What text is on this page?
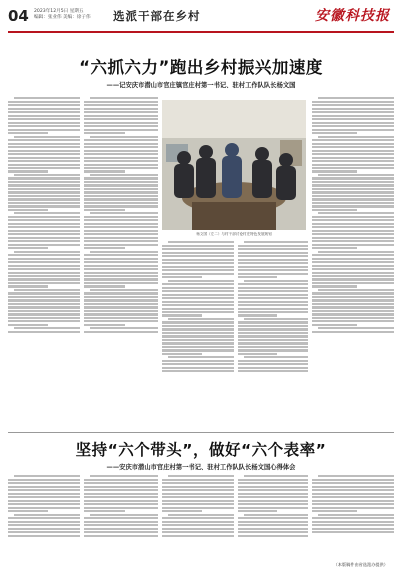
04 2023年12月5日 星期五
编辑：张业伟 美编：徐子伟 选派干部在乡村	安徽科技报
“六抓六力”跑出乡村振兴加速度
——记安庆市潜山市官庄镇官庄村第一书记、驻村工作队队长杨文国
杨文国（左二）与村干部讨论村庄特色发展规划
坚持“六个带头”，做好“六个表率”
——安庆市潜山市官庄村第一书记、驻村工作队队长杨文国心得体会
（本版稿件由省选派办提供）
